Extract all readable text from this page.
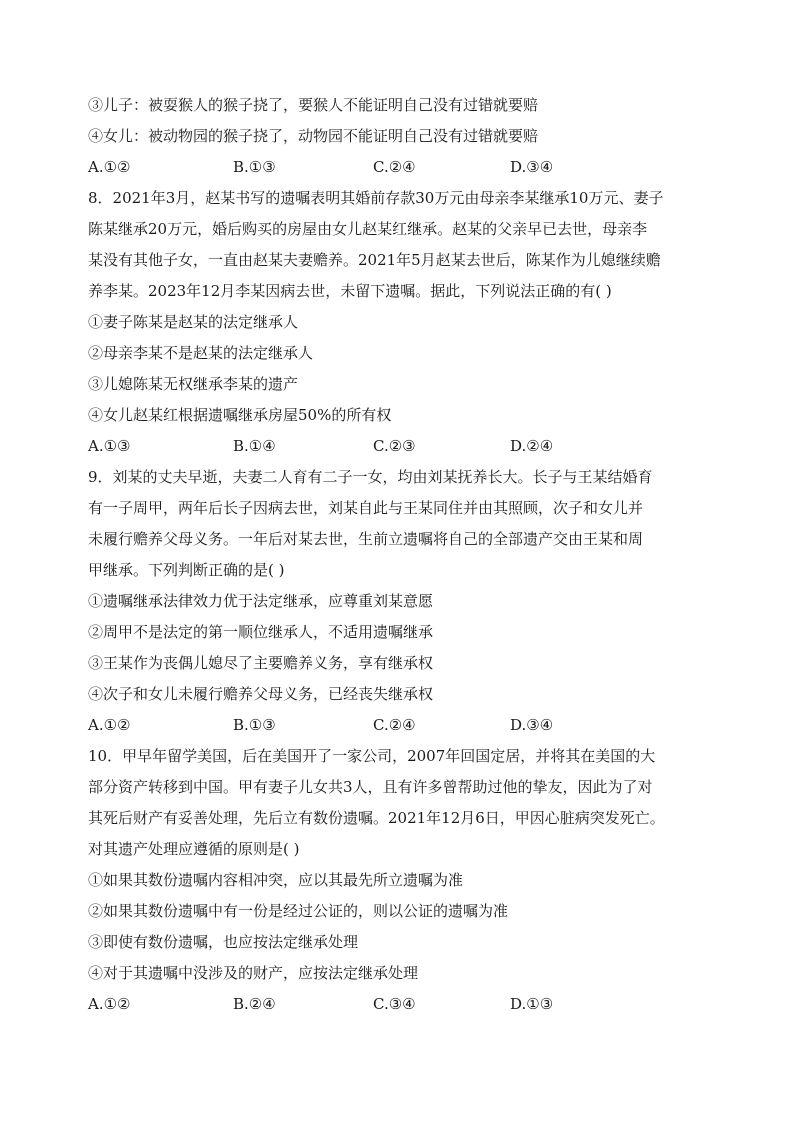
③儿子：被耍猴人的猴子挠了，要猴人不能证明自己没有过错就要赔
④女儿：被动物园的猴子挠了，动物园不能证明自己没有过错就要赔
A.①②	B.①③	C.②④	D.③④
8．2021年3月，赵某书写的遗嘱表明其婚前存款30万元由母亲李某继承10万元、妻子
陈某继承20万元，婚后购买的房屋由女儿赵某红继承。赵某的父亲早已去世，母亲李
某没有其他子女，一直由赵某夫妻赡养。2021年5月赵某去世后，陈某作为儿媳继续赡
养李某。2023年12月李某因病去世，未留下遗嘱。据此，下列说法正确的有( )
①妻子陈某是赵某的法定继承人
②母亲李某不是赵某的法定继承人
③儿媳陈某无权继承李某的遗产
④女儿赵某红根据遗嘱继承房屋50%的所有权
A.①③	B.①④	C.②③	D.②④
9．刘某的丈夫早逝，夫妻二人育有二子一女，均由刘某抚养长大。长子与王某结婚育
有一子周甲，两年后长子因病去世，刘某自此与王某同住并由其照顾，次子和女儿并
未履行赡养父母义务。一年后对某去世，生前立遗嘱将自己的全部遗产交由王某和周
甲继承。下列判断正确的是( )
①遗嘱继承法律效力优于法定继承，应尊重刘某意愿
②周甲不是法定的第一顺位继承人，不适用遗嘱继承
③王某作为丧偶儿媳尽了主要赡养义务，享有继承权
④次子和女儿未履行赡养父母义务，已经丧失继承权
A.①②	B.①③	C.②④	D.③④
10．甲早年留学美国，后在美国开了一家公司，2007年回国定居，并将其在美国的大
部分资产转移到中国。甲有妻子儿女共3人，且有许多曾帮助过他的挚友，因此为了对
其死后财产有妥善处理，先后立有数份遗嘱。2021年12月6日，甲因心脏病突发死亡。
对其遗产处理应遵循的原则是( )
①如果其数份遗嘱内容相冲突，应以其最先所立遗嘱为准
②如果其数份遗嘱中有一份是经过公证的，则以公证的遗嘱为准
③即使有数份遗嘱，也应按法定继承处理
④对于其遗嘱中没涉及的财产，应按法定继承处理
A.①②	B.②④	C.③④	D.①③
